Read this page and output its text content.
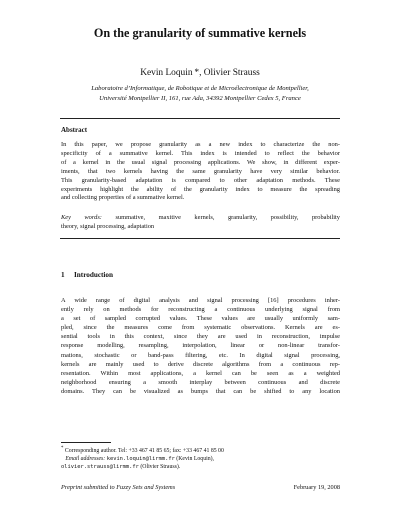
On the granularity of summative kernels
Kevin Loquin *, Olivier Strauss
Laboratoire d’Informatique, de Robotique et de Microélectronique de Montpellier,
Université Montpellier II, 161, rue Ada, 34392 Montpellier Cedex 5, France
Abstract
In this paper, we propose granularity as a new index to characterize the non-
specificity of a summative kernel. This index is intended to reflect the behavior
of a kernel in the usual signal processing applications. We show, in different exper-
iments, that two kernels having the same granularity have very similar behavior.
This granularity-based adaptation is compared to other adaptation methods. These
experiments highlight the ability of the granularity index to measure the spreading
and collecting properties of a summative kernel.
Key words: summative, maxitive kernels, granularity, possibility, probability
theory, signal processing, adaptation
1 Introduction
A wide range of digital analysis and signal processing [16] procedures inher-
ently rely on methods for reconstructing a continuous underlying signal from
a set of sampled corrupted values. These values are usually uniformly sam-
pled, since the measures come from systematic observations. Kernels are es-
sential tools in this context, since they are used in reconstruction, impulse
response modelling, resampling, interpolation, linear or non-linear transfor-
mations, stochastic or band-pass filtering, etc. In digital signal processing,
kernels are mainly used to derive discrete algorithms from a continuous rep-
resentation. Within most applications, a kernel can be seen as a weighted
neighborhood ensuring a smooth interplay between continuous and discrete
domains. They can be visualized as bumps that can be shifted to any location
* Corresponding author. Tel: +33 467 41 85 65; fax: +33 467 41 85 00
Email addresses: kevin.loquin@lirmm.fr (Kevin Loquin),
olivier.strauss@lirmm.fr (Olivier Strauss).
Preprint submitted to Fuzzy Sets and Systems	February 19, 2008
